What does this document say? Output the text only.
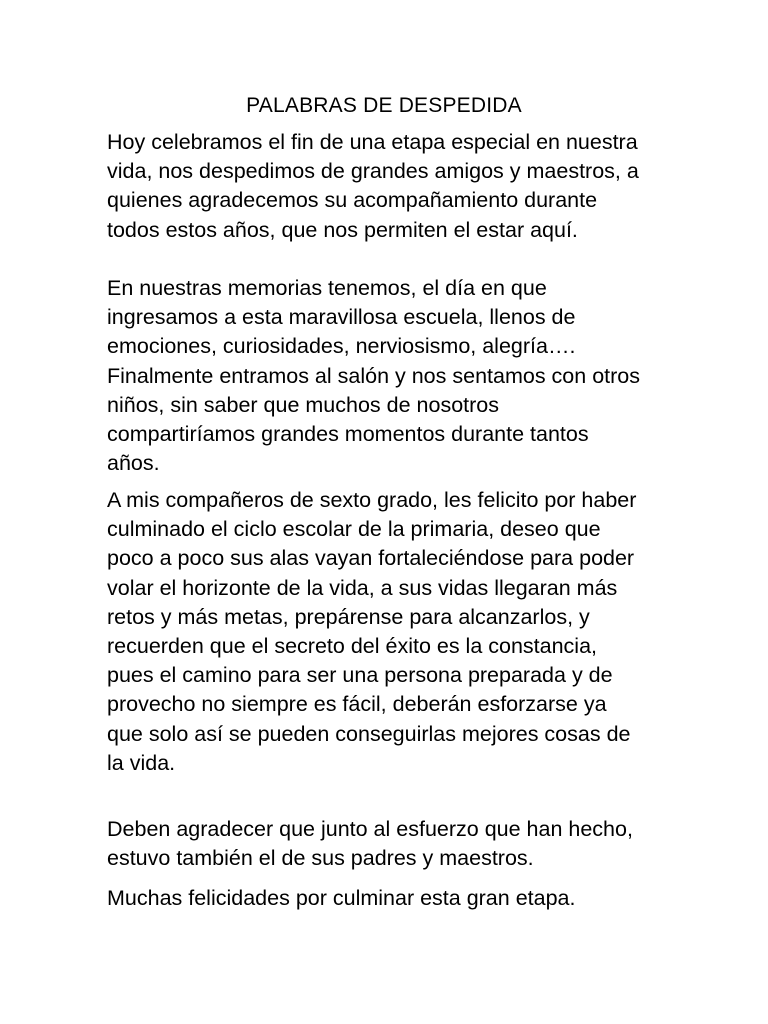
PALABRAS DE DESPEDIDA

Hoy celebramos el fin de una etapa especial en nuestra
vida, nos despedimos de grandes amigos y maestros, a
quienes agradecemos su acompañamiento durante
todos estos años, que nos permiten el estar aquí.

En nuestras memorias tenemos, el día en que
ingresamos a esta maravillosa escuela, llenos de
emociones, curiosidades, nerviosismo, alegría….
Finalmente entramos al salón y nos sentamos con otros
niños, sin saber que muchos de nosotros
compartiríamos grandes momentos durante tantos
años.

A mis compañeros de sexto grado, les felicito por haber
culminado el ciclo escolar de la primaria, deseo que
poco a poco sus alas vayan fortaleciéndose para poder
volar el horizonte de la vida, a sus vidas llegaran más
retos y más metas, prepárense para alcanzarlos, y
recuerden que el secreto del éxito es la constancia,
pues el camino para ser una persona preparada y de
provecho no siempre es fácil, deberán esforzarse ya
que solo así se pueden conseguirlas mejores cosas de
la vida.

Deben agradecer que junto al esfuerzo que han hecho,
estuvo también el de sus padres y maestros.

Muchas felicidades por culminar esta gran etapa.
